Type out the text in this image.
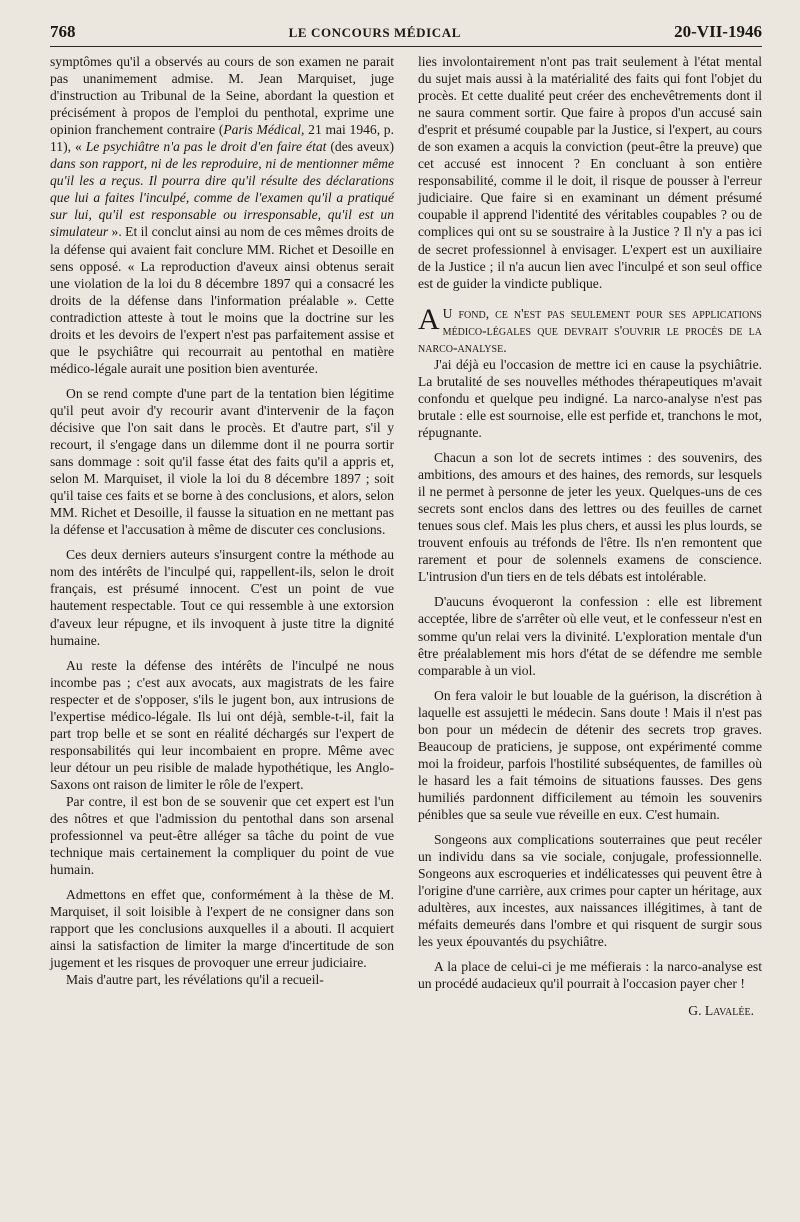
768	LE CONCOURS MÉDICAL	20-VII-1946

symptômes qu'il a observés au cours de son examen ne parait pas unanimement admise. M. Jean Marquiset, juge d'instruction au Tribunal de la Seine, abordant la question et précisément à propos de l'emploi du penthotal, exprime une opinion franchement contraire (Paris Médical, 21 mai 1946, p. 11), « Le psychiâtre n'a pas le droit d'en faire état (des aveux) dans son rapport, ni de les reproduire, ni de mentionner même qu'il les a reçus. Il pourra dire qu'il résulte des déclarations que lui a faites l'inculpé, comme de l'examen qu'il a pratiqué sur lui, qu'il est responsable ou irresponsable, qu'il est un simulateur ». Et il conclut ainsi au nom de ces mêmes droits de la défense qui avaient fait conclure MM. Richet et Desoille en sens opposé. « La reproduction d'aveux ainsi obtenus serait une violation de la loi du 8 décembre 1897 qui a consacré les droits de la défense dans l'information préalable ». Cette contradiction atteste à tout le moins que la doctrine sur les droits et les devoirs de l'expert n'est pas parfaitement assise et que le psychiâtre qui recourrait au pentothal en matière médico-légale aurait une position bien aventurée.

On se rend compte d'une part de la tentation bien légitime qu'il peut avoir d'y recourir avant d'intervenir de la façon décisive que l'on sait dans le procès. Et d'autre part, s'il y recourt, il s'engage dans un dilemme dont il ne pourra sortir sans dommage : soit qu'il fasse état des faits qu'il a appris et, selon M. Marquiset, il viole la loi du 8 décembre 1897 ; soit qu'il taise ces faits et se borne à des conclusions, et alors, selon MM. Richet et Desoille, il fausse la situation en ne mettant pas la défense et l'accusation à même de discuter ces conclusions.

Ces deux derniers auteurs s'insurgent contre la méthode au nom des intérêts de l'inculpé qui, rappellent-ils, selon le droit français, est présumé innocent. C'est un point de vue hautement respectable. Tout ce qui ressemble à une extorsion d'aveux leur répugne, et ils invoquent à juste titre la dignité humaine.

Au reste la défense des intérêts de l'inculpé ne nous incombe pas ; c'est aux avocats, aux magistrats de les faire respecter et de s'opposer, s'ils le jugent bon, aux intrusions de l'expertise médico-légale. Ils lui ont déjà, semble-t-il, fait la part trop belle et se sont en réalité déchargés sur l'expert de responsabilités qui leur incombaient en propre. Même avec leur détour un peu risible de malade hypothétique, les Anglo-Saxons ont raison de limiter le rôle de l'expert.

Par contre, il est bon de se souvenir que cet expert est l'un des nôtres et que l'admission du pentothal dans son arsenal professionnel va peut-être alléger sa tâche du point de vue technique mais certainement la compliquer du point de vue humain.

Admettons en effet que, conformément à la thèse de M. Marquiset, il soit loisible à l'expert de ne consigner dans son rapport que les conclusions auxquelles il a abouti. Il acquiert ainsi la satisfaction de limiter la marge d'incertitude de son jugement et les risques de provoquer une erreur judiciaire.

Mais d'autre part, les révélations qu'il a recueil-

lies involontairement n'ont pas trait seulement à l'état mental du sujet mais aussi à la matérialité des faits qui font l'objet du procès. Et cette dualité peut créer des enchevêtrements dont il ne saura comment sortir. Que faire à propos d'un accusé sain d'esprit et présumé coupable par la Justice, si l'expert, au cours de son examen a acquis la conviction (peut-être la preuve) que cet accusé est innocent ? En concluant à son entière responsabilité, comme il le doit, il risque de pousser à l'erreur judiciaire. Que faire si en examinant un dément présumé coupable il apprend l'identité des véritables coupables ? ou de complices qui ont su se soustraire à la Justice ? Il n'y a pas ici de secret professionnel à envisager. L'expert est un auxiliaire de la Justice ; il n'a aucun lien avec l'inculpé et son seul office est de guider la vindicte publique.

A U fond, ce n'est pas seulement pour ses applications médico-légales que devrait s'ouvrir le procès de la narco-analyse.

J'ai déjà eu l'occasion de mettre ici en cause la psychiâtrie. La brutalité de ses nouvelles méthodes thérapeutiques m'avait confondu et quelque peu indigné. La narco-analyse n'est pas brutale : elle est sournoise, elle est perfide et, tranchons le mot, répugnante.

Chacun a son lot de secrets intimes : des souvenirs, des ambitions, des amours et des haines, des remords, sur lesquels il ne permet à personne de jeter les yeux. Quelques-uns de ces secrets sont enclos dans des lettres ou des feuilles de carnet tenues sous clef. Mais les plus chers, et aussi les plus lourds, se trouvent enfouis au tréfonds de l'être. Ils n'en remontent que rarement et pour de solennels examens de conscience. L'intrusion d'un tiers en de tels débats est intolérable.

D'aucuns évoqueront la confession : elle est librement acceptée, libre de s'arrêter où elle veut, et le confesseur n'est en somme qu'un relai vers la divinité. L'exploration mentale d'un être préalablement mis hors d'état de se défendre me semble comparable à un viol.

On fera valoir le but louable de la guérison, la discrétion à laquelle est assujetti le médecin. Sans doute ! Mais il n'est pas bon pour un médecin de détenir des secrets trop graves. Beaucoup de praticiens, je suppose, ont expérimenté comme moi la froideur, parfois l'hostilité subséquentes, de familles où le hasard les a fait témoins de situations fausses. Des gens humiliés pardonnent difficilement au témoin les souvenirs pénibles que sa seule vue réveille en eux. C'est humain.

Songeons aux complications souterraines que peut recéler un individu dans sa vie sociale, conjugale, professionnelle. Songeons aux escroqueries et indélicatesses qui peuvent être à l'origine d'une carrière, aux crimes pour capter un héritage, aux adultères, aux incestes, aux naissances illégitimes, à tant de méfaits demeurés dans l'ombre et qui risquent de surgir sous les yeux épouvantés du psychiâtre.

A la place de celui-ci je me méfierais : la narco-analyse est un procédé audacieux qu'il pourrait à l'occasion payer cher !

G. Lavalée.
